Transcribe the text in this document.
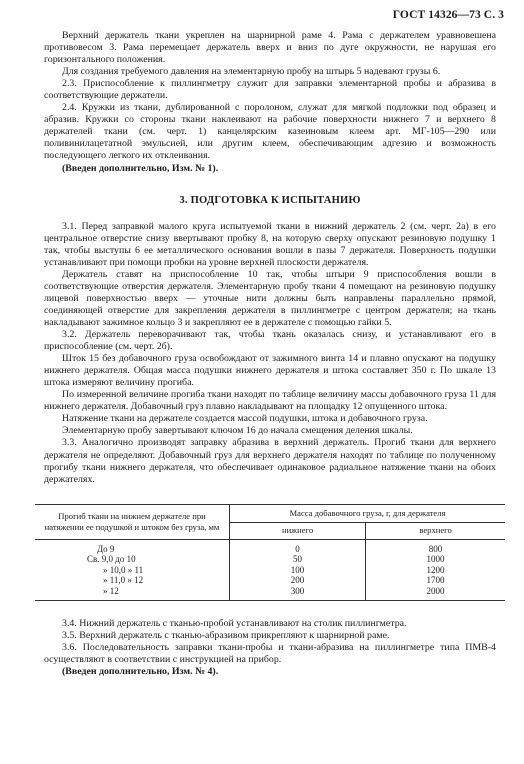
ГОСТ 14326—73 С. 3

Верхний держатель ткани укреплен на шарнирной раме 4. Рама с держателем уравновешена противовесом 3. Рама перемещает держатель вверх и вниз по дуге окружности, не нарушая его горизонтального положения.

Для создания требуемого давления на элементарную пробу на штырь 5 надевают грузы 6.

2.3. Приспособление к пиллингметру служит для заправки элементарной пробы и абразива в соответствующие держатели.

2.4. Кружки из ткани, дублированной с поролоном, служат для мягкой подложки под образец и абразив. Кружки со стороны ткани наклеивают на рабочие поверхности нижнего 7 и верхнего 8 держателей ткани (см. черт. 1) канцелярским казеиновым клеем арт. МГ-105—290 или поливинилацетатной эмульсией, или другим клеем, обеспечивающим адгезию и возможность последующего легкого их отклеивания.

(Введен дополнительно, Изм. № 1).

3. ПОДГОТОВКА К ИСПЫТАНИЮ

3.1. Перед заправкой малого круга испытуемой ткани в нижний держатель 2 (см. черт. 2а) в его центральное отверстие снизу ввертывают пробку 8, на которую сверху опускают резиновую подушку 1 так, чтобы выступы 6 ее металлического основания вошли в пазы 7 держателя. Поверхность подушки устанавливают при помощи пробки на уровне верхней плоскости держателя.

Держатель ставят на приспособление 10 так, чтобы штыри 9 приспособления вошли в соответствующие отверстия держателя. Элементарную пробу ткани 4 помещают на резиновую подушку лицевой поверхностью вверх — уточные нити должны быть направлены параллельно прямой, соединяющей отверстие для закрепления держателя в пиллингметре с центром держателя; на ткань накладывают зажимное кольцо 3 и закрепляют ее в держателе с помощью гайки 5.

3.2. Держатель переворачивают так, чтобы ткань оказалась снизу, и устанавливают его в приспособление (см. черт. 2б).

Шток 15 без добавочного груза освобождают от зажимного винта 14 и плавно опускают на подушку нижнего держателя. Общая масса подушки нижнего держателя и штока составляет 350 г. По шкале 13 штока измеряют величину прогиба.

По измеренной величине прогиба ткани находят по таблице величину массы добавочного груза 11 для нижнего держателя. Добавочный груз плавно накладывают на площадку 12 опущенного штока.

Натяжение ткани на держателе создается массой подушки, штока и добавочного груза.

Элементарную пробу завертывают ключом 16 до начала смещения деления шкалы.

3.3. Аналогично производят заправку абразива в верхний держатель. Прогиб ткани для верхнего держателя не определяют. Добавочный груз для верхнего держателя находят по таблице по полученному прогибу ткани нижнего держателя, что обеспечивает одинаковое радиальное натяжение ткани на обоих держателях.

Прогиб ткани на нижнем держателе при натяжении ее подушкой и штоком без груза, мм	Масса добавочного груза, г, для держателя	
	нижнего	верхнего
До 9	0	800
Св. 9,0 до 10	50	1000
» 10,0 » 11	100	1200
» 11,0 » 12	200	1700
» 12	300	2000

3.4. Нижний держатель с тканью-пробой устанавливают на столик пиллингметра.

3.5. Верхний держатель с тканью-абразивом прикрепляют к шарнирной раме.

3.6. Последовательность заправки ткани-пробы и ткани-абразива на пиллингметре типа ПМВ-4 осуществляют в соответствии с инструкцией на прибор.

(Введен дополнительно, Изм. № 4).
